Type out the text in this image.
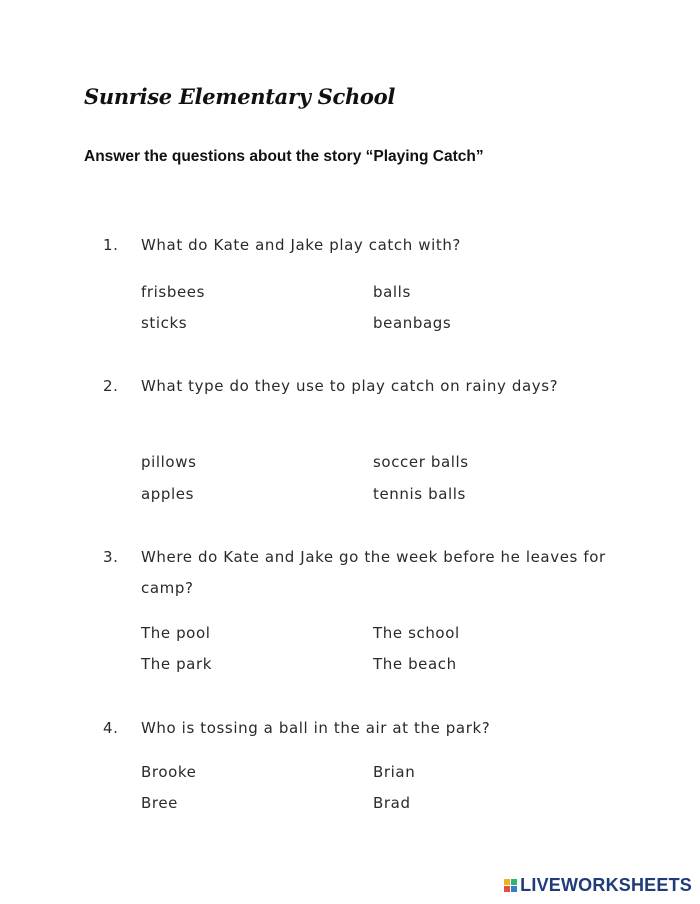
Sunrise Elementary School
Answer the questions about the story “Playing Catch”
1. What do Kate and Jake play catch with?
frisbees	balls
sticks	beanbags
2. What type do they use to play catch on rainy days?
pillows	soccer balls
apples	tennis balls
3. Where do Kate and Jake go the week before he leaves for camp?
The pool	The school
The park	The beach
4. Who is tossing a ball in the air at the park?
Brooke	Brian
Bree	Brad
LIVEWORKSHEETS
